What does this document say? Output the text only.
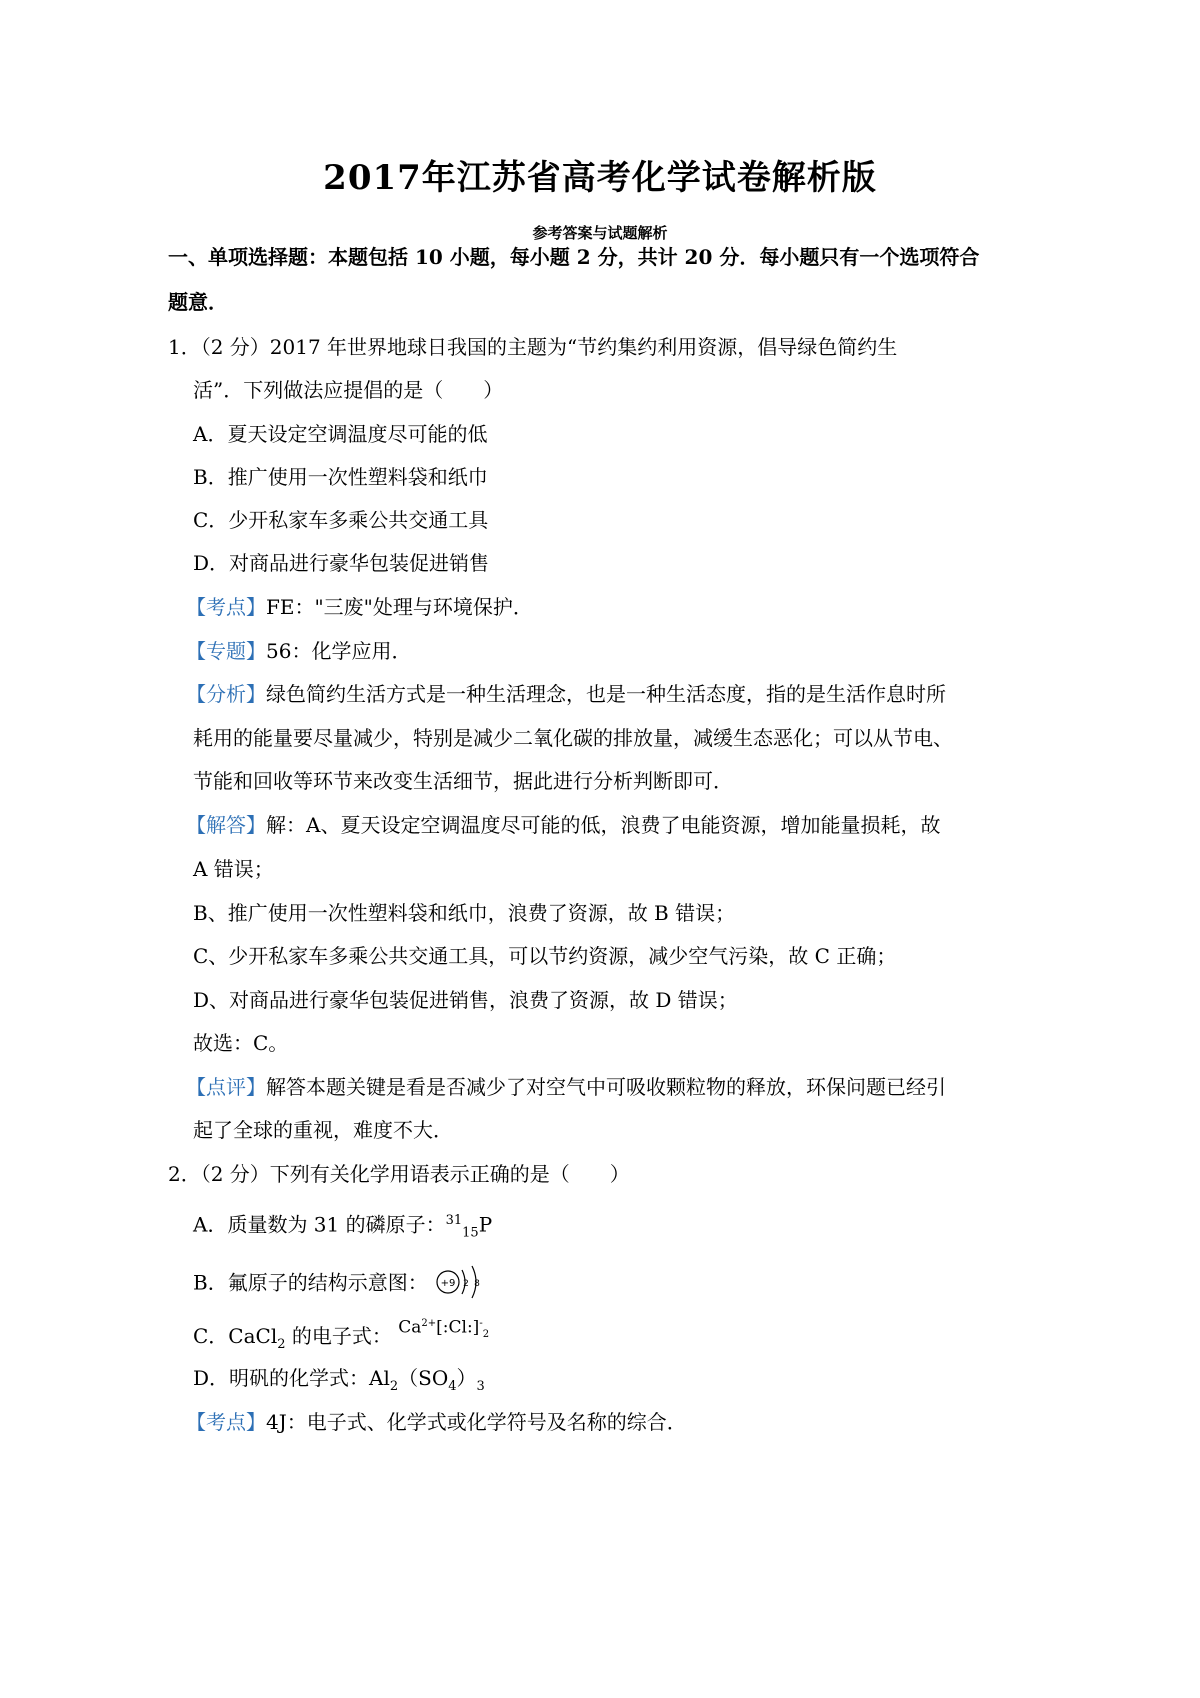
2017年江苏省高考化学试卷解析版
参考答案与试题解析
一、单项选择题：本题包括 10 小题，每小题 2 分，共计 20 分．每小题只有一个选项符合
题意．
1．（2 分）2017 年世界地球日我国的主题为“节约集约利用资源，倡导绿色简约生
活”．下列做法应提倡的是（　　）
A．夏天设定空调温度尽可能的低
B．推广使用一次性塑料袋和纸巾
C．少开私家车多乘公共交通工具
D．对商品进行豪华包装促进销售
【考点】FE："三废"处理与环境保护．
【专题】56：化学应用．
【分析】绿色简约生活方式是一种生活理念，也是一种生活态度，指的是生活作息时所
耗用的能量要尽量减少，特别是减少二氧化碳的排放量，减缓生态恶化；可以从节电、
节能和回收等环节来改变生活细节，据此进行分析判断即可．
【解答】解：A、夏天设定空调温度尽可能的低，浪费了电能资源，增加能量损耗，故
A 错误；
B、推广使用一次性塑料袋和纸巾，浪费了资源，故 B 错误；
C、少开私家车多乘公共交通工具，可以节约资源，减少空气污染，故 C 正确；
D、对商品进行豪华包装促进销售，浪费了资源，故 D 错误；
故选：C。
【点评】解答本题关键是看是否减少了对空气中可吸收颗粒物的释放，环保问题已经引
起了全球的重视，难度不大．
2．（2 分）下列有关化学用语表示正确的是（　　）
A．质量数为 31 的磷原子：$^{31}_{15}$P
B．氟原子的结构示意图： +9 2 8
C．CaCl$_2$ 的电子式： $Ca^{2+}[:Cl:]^-_2$
D．明矾的化学式：$Al_2(SO_4)_3$
【考点】4J：电子式、化学式或化学符号及名称的综合．
